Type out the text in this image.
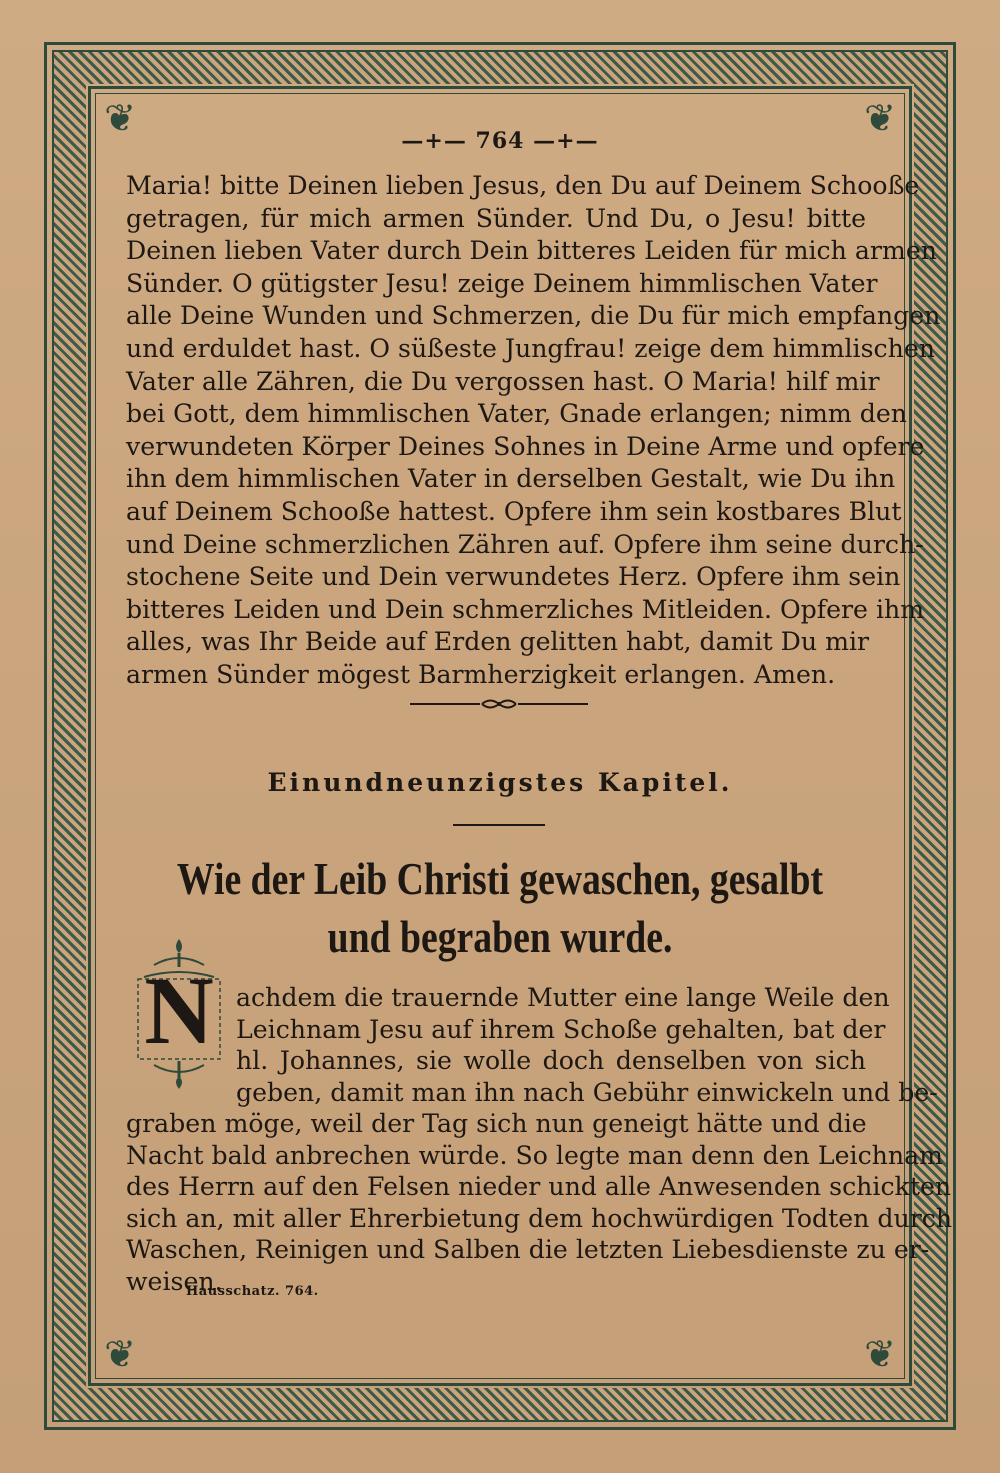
❦	❦
❦	❦
—+— 764 —+—
Maria! bitte Deinen lieben Jesus, den Du auf Deinem Schooße
getragen, für mich armen Sünder. Und Du, o Jesu! bitte
Deinen lieben Vater durch Dein bitteres Leiden für mich armen
Sünder. O gütigster Jesu! zeige Deinem himmlischen Vater
alle Deine Wunden und Schmerzen, die Du für mich empfangen
und erduldet hast. O süßeste Jungfrau! zeige dem himmlischen
Vater alle Zähren, die Du vergossen hast. O Maria! hilf mir
bei Gott, dem himmlischen Vater, Gnade erlangen; nimm den
verwundeten Körper Deines Sohnes in Deine Arme und opfere
ihn dem himmlischen Vater in derselben Gestalt, wie Du ihn
auf Deinem Schooße hattest. Opfere ihm sein kostbares Blut
und Deine schmerzlichen Zähren auf. Opfere ihm seine durch-
stochene Seite und Dein verwundetes Herz. Opfere ihm sein
bitteres Leiden und Dein schmerzliches Mitleiden. Opfere ihm
alles, was Ihr Beide auf Erden gelitten habt, damit Du mir
armen Sünder mögest Barmherzigkeit erlangen. Amen.
Einundneunzigstes Kapitel.
Wie der Leib Christi gewaschen, gesalbt
und begraben wurde.
N achdem die trauernde Mutter eine lange Weile den
Leichnam Jesu auf ihrem Schoße gehalten, bat der
hl. Johannes, sie wolle doch denselben von sich
geben, damit man ihn nach Gebühr einwickeln und be-
graben möge, weil der Tag sich nun geneigt hätte und die
Nacht bald anbrechen würde. So legte man denn den Leichnam
des Herrn auf den Felsen nieder und alle Anwesenden schickten
sich an, mit aller Ehrerbietung dem hochwürdigen Todten durch
Waschen, Reinigen und Salben die letzten Liebesdienste zu er-
weisen.
Hausschatz. 764.
